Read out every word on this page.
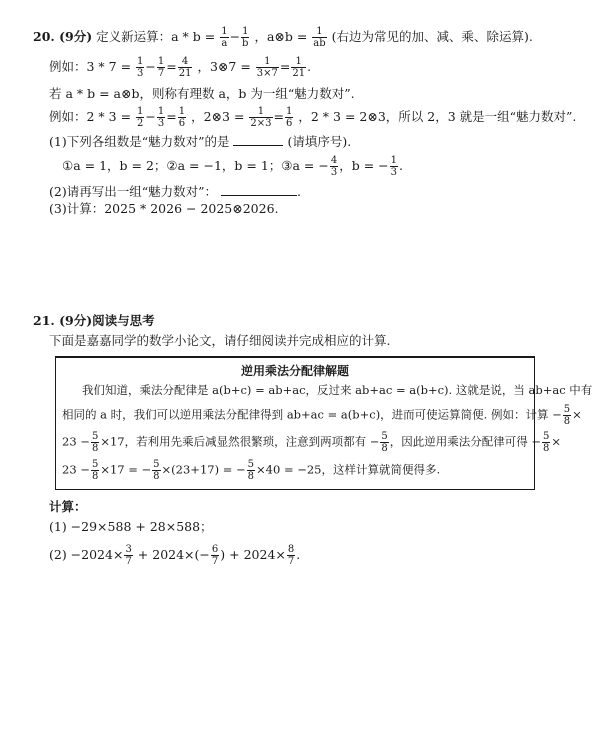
20. (9分) 定义新运算：$a * b = \frac{1}{a} - \frac{1}{b}$ ，a⊗b = $\frac{1}{ab}$ (右边为常见的加、减、乘、除运算).
例如：$3 * 7 = \frac{1}{3} - \frac{1}{7} = \frac{4}{21}$ ，3⊗7 = $\frac{1}{3\times 7} = \frac{1}{21}$ .
若 a * b = a⊗b，则称有理数 a，b 为一组“魅力数对”.
例如：$2 * 3 = \frac{1}{2} - \frac{1}{3} = \frac{1}{6}$ ，2⊗3 = $\frac{1}{2\times 3} = \frac{1}{6}$ ，2 * 3 = 2⊗3，所以 2，3 就是一组“魅力数对”.
(1)下列各组数是“魅力数对”的是	(请填序号).
①a = 1，b = 2；②a = −1，b = 1；③a = − $\frac{4}{3}$ ，b = − $\frac{1}{3}$ .
(2)请再写出一组“魅力数对”：	.
(3)计算：2025 * 2026 − 2025⊗2026.
21. (9分)阅读与思考
下面是嘉嘉同学的数学小论文，请仔细阅读并完成相应的计算.
逆用乘法分配律解题
我们知道，乘法分配律是 a(b+c) = ab+ac，反过来 ab+ac = a(b+c). 这就是说，当 ab+ac 中有
相同的 a 时，我们可以逆用乘法分配律得到 ab+ac = a(b+c)，进而可使运算简便. 例如：计算 − $\frac{5}{8}$ ×
$23 - \frac{5}{8} \times 17$，若利用先乘后减显然很繁琐，注意到两项都有 − $\frac{5}{8}$ ，因此逆用乘法分配律可得 − $\frac{5}{8}$ ×
$23 - \frac{5}{8} \times 17$ = − $\frac{5}{8} \times(23+17)$ = − $\frac{5}{8} \times 40 = -25$，这样计算就简便得多.
计算：
(1) −29×588 + 28×588；
$(2) -2024\times \frac{3}{7} + 2024\times(- \frac{6}{7}$ ) + $2024\times \frac{8}{7}$ .
